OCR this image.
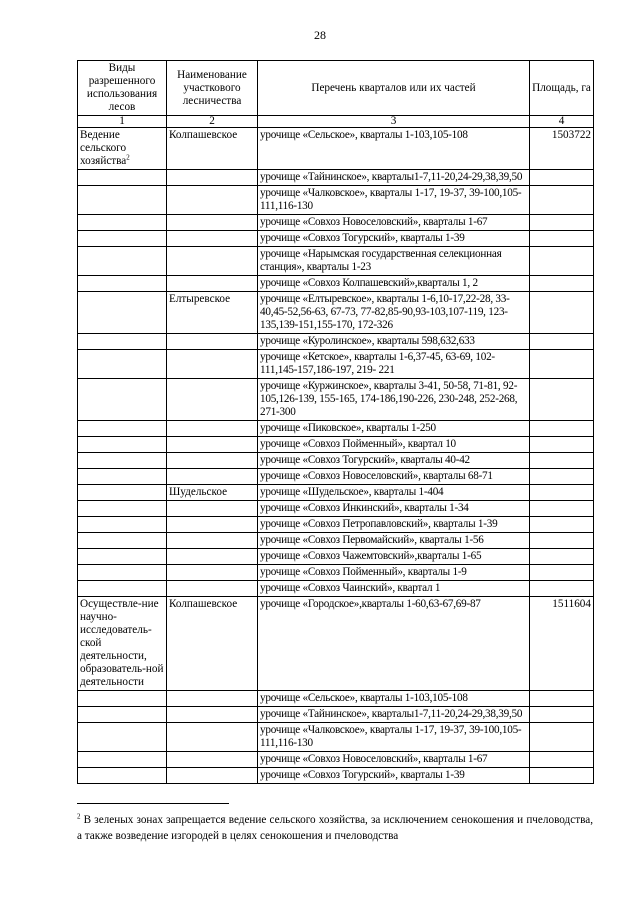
28
Виды разрешенного использования лесов	Наименование участкового лесничества	Перечень кварталов или их частей	Площадь, га
1	2	3	4
Ведение сельского хозяйства$^2$	Колпашевское	урочище «Сельское», кварталы 1-103,105-108	1503722
		урочище «Тайнинское», кварталы1-7,11-20,24-29,38,39,50	
		урочище «Чалковское», кварталы 1-17, 19-37, 39-100,105-111,116-130	
		урочище «Совхоз Новоселовский», кварталы 1-67	
		урочище «Совхоз Тогурский», кварталы 1-39	
		урочище «Нарымская государственная селекционная станция», кварталы 1-23	
		урочище «Совхоз Колпашевский»,кварталы 1, 2	
	Елтыревское	урочище «Елтыревское», кварталы 1-6,10-17,22-28, 33-40,45-52,56-63, 67-73, 77-82,85-90,93-103,107-119, 123-135,139-151,155-170, 172-326	
		урочище «Куролинское», кварталы 598,632,633	
		урочище «Кетское», кварталы 1-6,37-45, 63-69, 102-111,145-157,186-197, 219- 221	
		урочище «Куржинское», кварталы 3-41, 50-58, 71-81, 92-105,126-139, 155-165, 174-186,190-226, 230-248, 252-268, 271-300	
		урочище «Пиковское», кварталы 1-250	
		урочище «Совхоз Пойменный», квартал 10	
		урочище «Совхоз Тогурский», кварталы 40-42	
		урочище «Совхоз Новоселовский», кварталы 68-71	
	Шудельское	урочище «Шудельское», кварталы 1-404	
		урочище «Совхоз Инкинский», кварталы 1-34	
		урочище «Совхоз Петропавловский», кварталы 1-39	
		урочище «Совхоз Первомайский», кварталы 1-56	
		урочище «Совхоз Чажемтовский»,кварталы 1-65	
		урочище «Совхоз Пойменный», кварталы 1-9	
		урочище «Совхоз Чаинский», квартал 1	
Осуществле-ние научно-исследователь-ской деятельности, образователь-ной деятельности	Колпашевское	урочище «Городское»,кварталы 1-60,63-67,69-87	1511604
		урочище «Сельское», кварталы 1-103,105-108	
		урочище «Тайнинское», кварталы1-7,11-20,24-29,38,39,50	
		урочище «Чалковское», кварталы 1-17, 19-37, 39-100,105-111,116-130	
		урочище «Совхоз Новоселовский», кварталы 1-67	
		урочище «Совхоз Тогурский», кварталы 1-39	
$^2$ В зеленых зонах запрещается ведение сельского хозяйства, за исключением сенокошения и пчеловодства, а также возведение изгородей в целях сенокошения и пчеловодства
